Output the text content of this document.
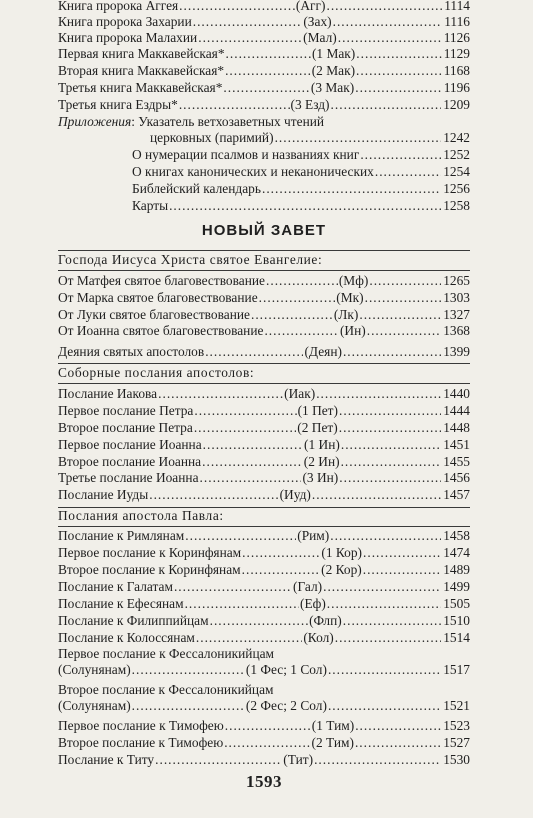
Книга пророка Аггея .....	(Агг) .....	1114
Книга пророка Захарии .....	(Зах) .....	1116
Книга пророка Малахии .....	(Мал) .....	1126
Первая книга Маккавейская* .....	(1 Мак) .....	1129
Вторая книга Маккавейская* .....	(2 Мак) .....	1168
Третья книга Маккавейская* .....	(3 Мак) .....	1196
Третья книга Ездры* .....	(3 Езд) .....	1209
Приложения: Указатель ветхозаветных чтений
церковных (паримий) .....	1242
О нумерации псалмов и названиях книг .....	1252
О книгах канонических и неканонических .....	1254
Библейский календарь .....	1256
Карты .....	1258
НОВЫЙ ЗАВЕТ
Господа Иисуса Христа святое Евангелие:
От Матфея святое благовествование .....	(Мф) .....	1265
От Марка святое благовествование .....	(Мк) .....	1303
От Луки святое благовествование .....	(Лк) .....	1327
От Иоанна святое благовествование .....	(Ин) .....	1368
Деяния святых апостолов .....	(Деян) .....	1399
Соборные послания апостолов:
Послание Иакова .....	(Иак) .....	1440
Первое послание Петра .....	(1 Пет) .....	1444
Второе послание Петра .....	(2 Пет) .....	1448
Первое послание Иоанна .....	(1 Ин) .....	1451
Второе послание Иоанна .....	(2 Ин) .....	1455
Третье послание Иоанна .....	(3 Ин) .....	1456
Послание Иуды .....	(Иуд) .....	1457
Послания апостола Павла:
Послание к Римлянам .....	(Рим) .....	1458
Первое послание к Коринфянам .....	(1 Кор) .....	1474
Второе послание к Коринфянам .....	(2 Кор) .....	1489
Послание к Галатам .....	(Гал) .....	1499
Послание к Ефесянам .....	(Еф) .....	1505
Послание к Филиппийцам .....	(Флп) .....	1510
Послание к Колоссянам .....	(Кол) .....	1514
Первое послание к Фессалоникийцам
(Солунянам) .....	(1 Фес; 1 Сол) .....	1517
Второе послание к Фессалоникийцам
(Солунянам) .....	(2 Фес; 2 Сол) .....	1521
Первое послание к Тимофею .....	(1 Тим) .....	1523
Второе послание к Тимофею .....	(2 Тим) .....	1527
Послание к Титу .....	(Тит) .....	1530
1593
